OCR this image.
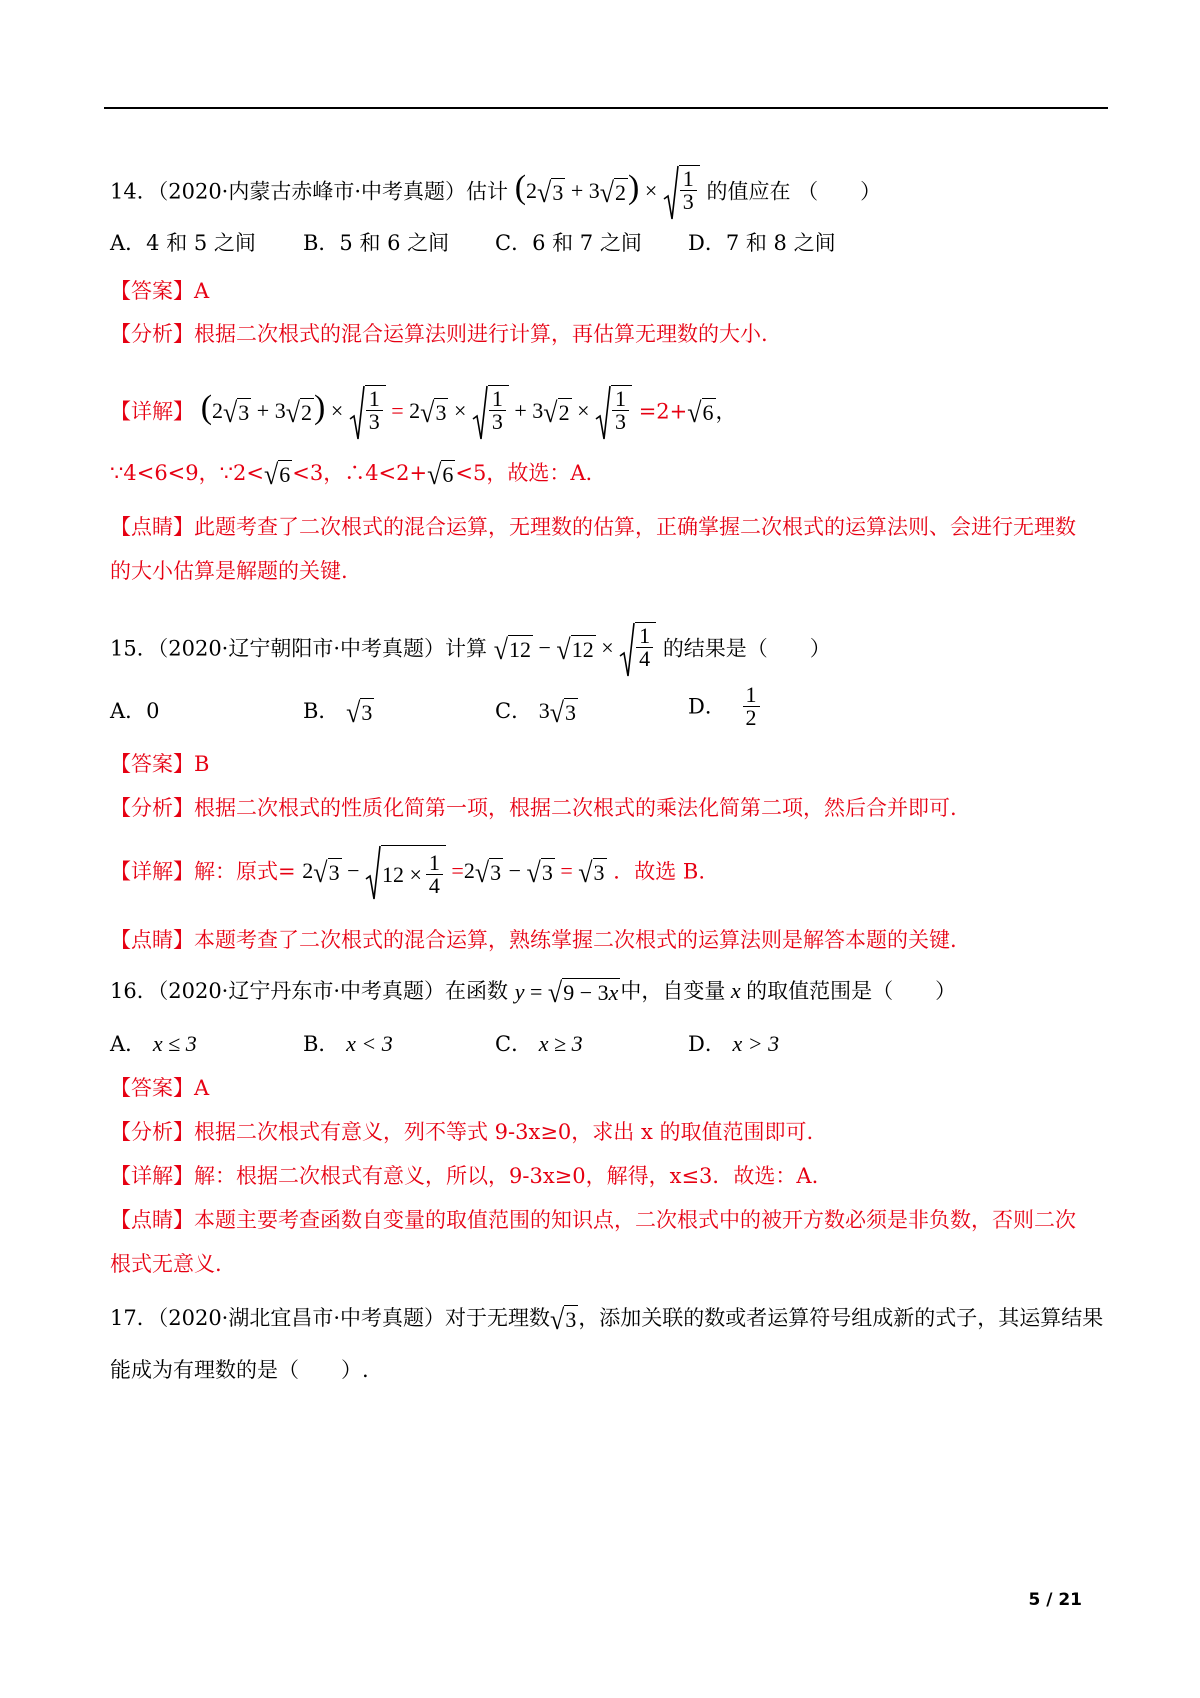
14．（2020·内蒙古赤峰市·中考真题）估计 (2 √ 3 + 3 √ 2 ) × $\frac{1}{3}$ 的值应在 （　　）
A．4 和 5 之间 B．5 和 6 之间 C．6 和 7 之间 D．7 和 8 之间
【答案】A
【分析】根据二次根式的混合运算法则进行计算，再估算无理数的大小.
【详解】 (2 √ 3 + 3 √ 2 ) × $\frac{1}{3} = 2$ √ $3 \times \frac{1}{3} + 3$ √ $2 \times \frac{1}{3} =2+$ √ 6 ，
∵4<6<9，∵2< √ 6 <3，∴4<2+ √ 6 <5，故选：A.
【点睛】此题考查了二次根式的混合运算，无理数的估算，正确掌握二次根式的运算法则、会进行无理数
的大小估算是解题的关键.
15．（2020·辽宁朝阳市·中考真题）计算 √ 12 − √ $12 \times \frac{1}{4}$ 的结果是（　　）
A．0	B． √ 3	C． 3 √ 3	D． $\frac{1}{2}$
【答案】B
【分析】根据二次根式的性质化简第一项，根据二次根式的乘法化简第二项，然后合并即可.
【详解】解：原式= 2 √ $3 - 12 \times \frac{1}{4} =2$ √ 3 − √ 3 = √ 3 ．故选 B.
【点睛】本题考查了二次根式的混合运算，熟练掌握二次根式的运算法则是解答本题的关键.
16．（2020·辽宁丹东市·中考真题）在函数 y = √ 9 − 3x 中，自变量 x 的取值范围是（　　）
A． x ≤ 3	B． x < 3	C． x ≥ 3	D． x > 3
【答案】A
【分析】根据二次根式有意义，列不等式 9-3x≥0，求出 x 的取值范围即可.
【详解】解：根据二次根式有意义，所以，9-3x≥0，解得，x≤3．故选：A.
【点睛】本题主要考查函数自变量的取值范围的知识点，二次根式中的被开方数必须是非负数，否则二次
根式无意义.
17．（2020·湖北宜昌市·中考真题）对于无理数 √ 3 ，添加关联的数或者运算符号组成新的式子，其运算结果
能成为有理数的是（　　）.
5 / 21
